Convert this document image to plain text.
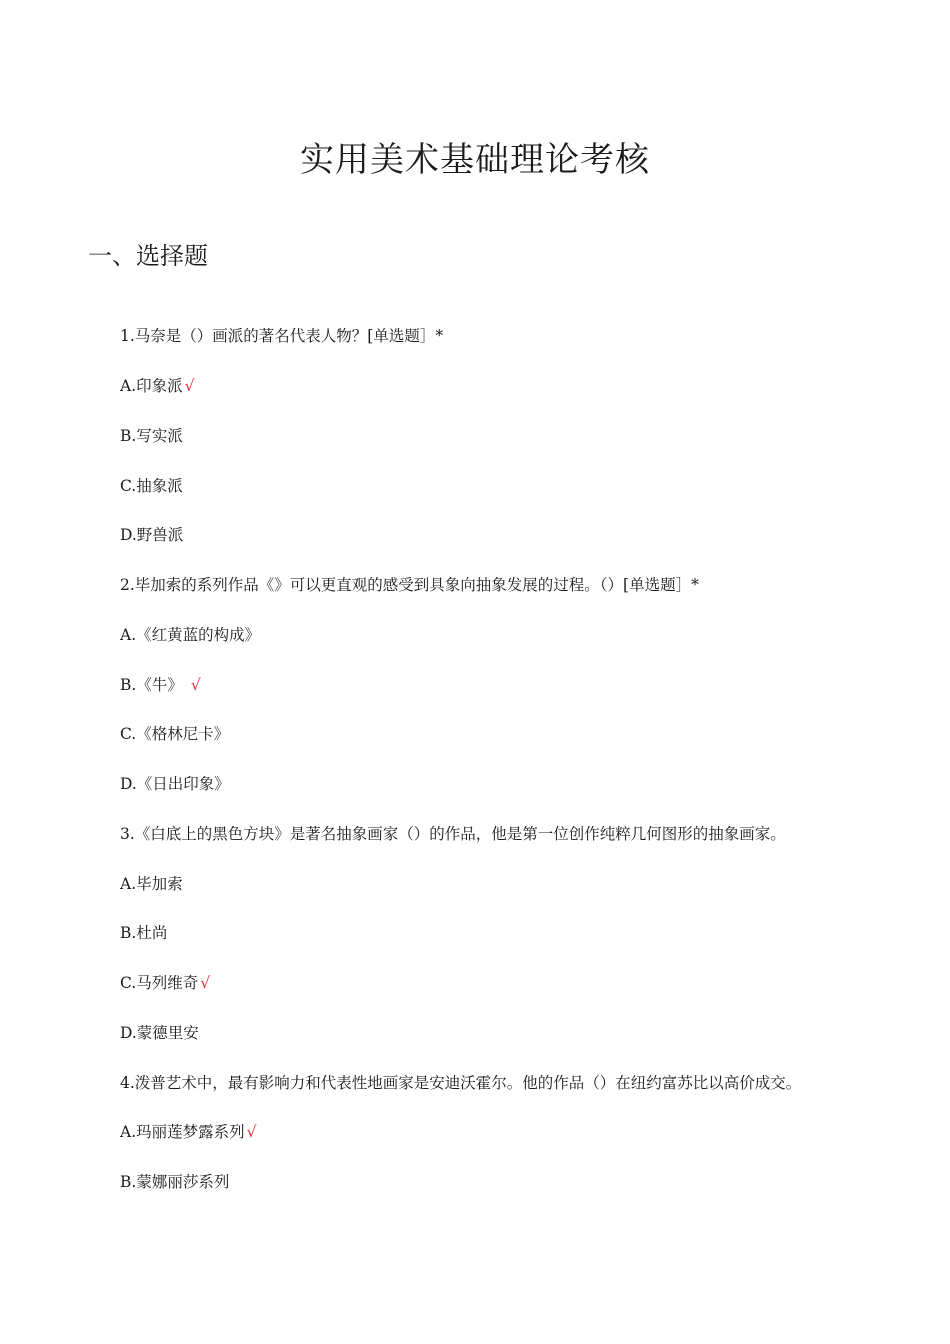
实用美术基础理论考核
一、选择题
1.马奈是（）画派的著名代表人物？[单选题］*
A.印象派 √
B.写实派
C.抽象派
D.野兽派
2.毕加索的系列作品《》可以更直观的感受到具象向抽象发展的过程。（）[单选题］*
A.《红黄蓝的构成》
B.《牛》 √
C.《格林尼卡》
D.《日出印象》
3.《白底上的黑色方块》是著名抽象画家（）的作品，他是第一位创作纯粹几何图形的抽象画家。
A.毕加索
B.杜尚
C.马列维奇 √
D.蒙德里安
4.泼普艺术中，最有影响力和代表性地画家是安迪沃霍尔。他的作品（）在纽约富苏比以高价成交。
A.玛丽莲梦露系列 √
B.蒙娜丽莎系列
